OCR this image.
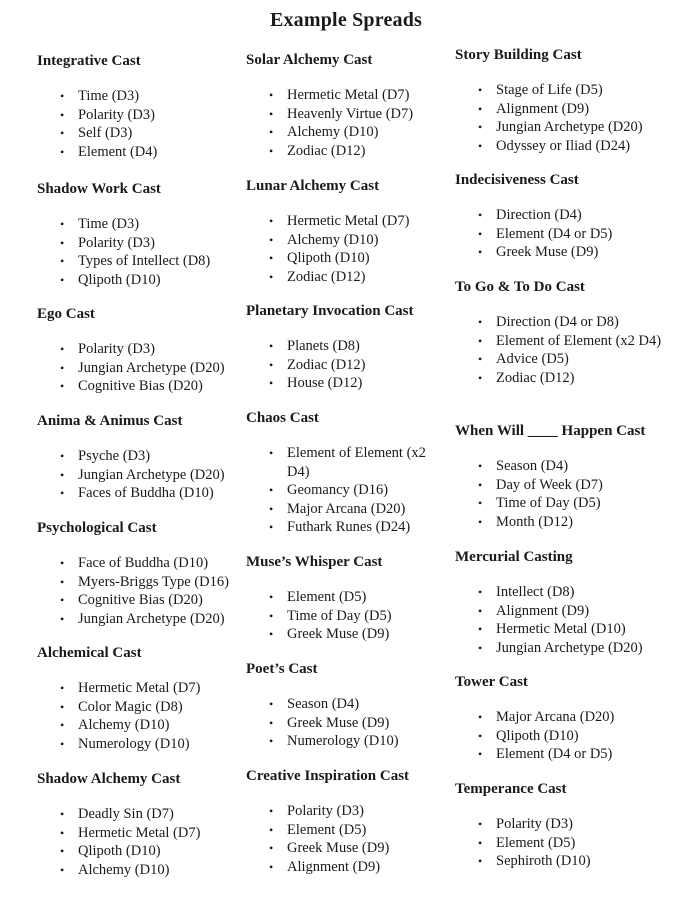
Example Spreads
Integrative Cast
• Time (D3)
• Polarity (D3)
• Self (D3)
• Element (D4)
Shadow Work Cast
• Time (D3)
• Polarity (D3)
• Types of Intellect (D8)
• Qlipoth (D10)
Ego Cast
• Polarity (D3)
• Jungian Archetype (D20)
• Cognitive Bias (D20)
Anima & Animus Cast
• Psyche (D3)
• Jungian Archetype (D20)
• Faces of Buddha (D10)
Psychological Cast
• Face of Buddha (D10)
• Myers-Briggs Type (D16)
• Cognitive Bias (D20)
• Jungian Archetype (D20)
Alchemical Cast
• Hermetic Metal (D7)
• Color Magic (D8)
• Alchemy (D10)
• Numerology (D10)
Shadow Alchemy Cast
• Deadly Sin (D7)
• Hermetic Metal (D7)
• Qlipoth (D10)
• Alchemy (D10)
Solar Alchemy Cast
• Hermetic Metal (D7)
• Heavenly Virtue (D7)
• Alchemy (D10)
• Zodiac (D12)
Lunar Alchemy Cast
• Hermetic Metal (D7)
• Alchemy (D10)
• Qlipoth (D10)
• Zodiac (D12)
Planetary Invocation Cast
• Planets (D8)
• Zodiac (D12)
• House (D12)
Chaos Cast
• Element of Element (x2 D4)
• Geomancy (D16)
• Major Arcana (D20)
• Futhark Runes (D24)
Muse’s Whisper Cast
• Element (D5)
• Time of Day (D5)
• Greek Muse (D9)
Poet’s Cast
• Season (D4)
• Greek Muse (D9)
• Numerology (D10)
Creative Inspiration Cast
• Polarity (D3)
• Element (D5)
• Greek Muse (D9)
• Alignment (D9)
Story Building Cast
• Stage of Life (D5)
• Alignment (D9)
• Jungian Archetype (D20)
• Odyssey or Iliad (D24)
Indecisiveness Cast
• Direction (D4)
• Element (D4 or D5)
• Greek Muse (D9)
To Go & To Do Cast
• Direction (D4 or D8)
• Element of Element (x2 D4)
• Advice (D5)
• Zodiac (D12)
When Will ____ Happen Cast
• Season (D4)
• Day of Week (D7)
• Time of Day (D5)
• Month (D12)
Mercurial Casting
• Intellect (D8)
• Alignment (D9)
• Hermetic Metal (D10)
• Jungian Archetype (D20)
Tower Cast
• Major Arcana (D20)
• Qlipoth (D10)
• Element (D4 or D5)
Temperance Cast
• Polarity (D3)
• Element (D5)
• Sephiroth (D10)
